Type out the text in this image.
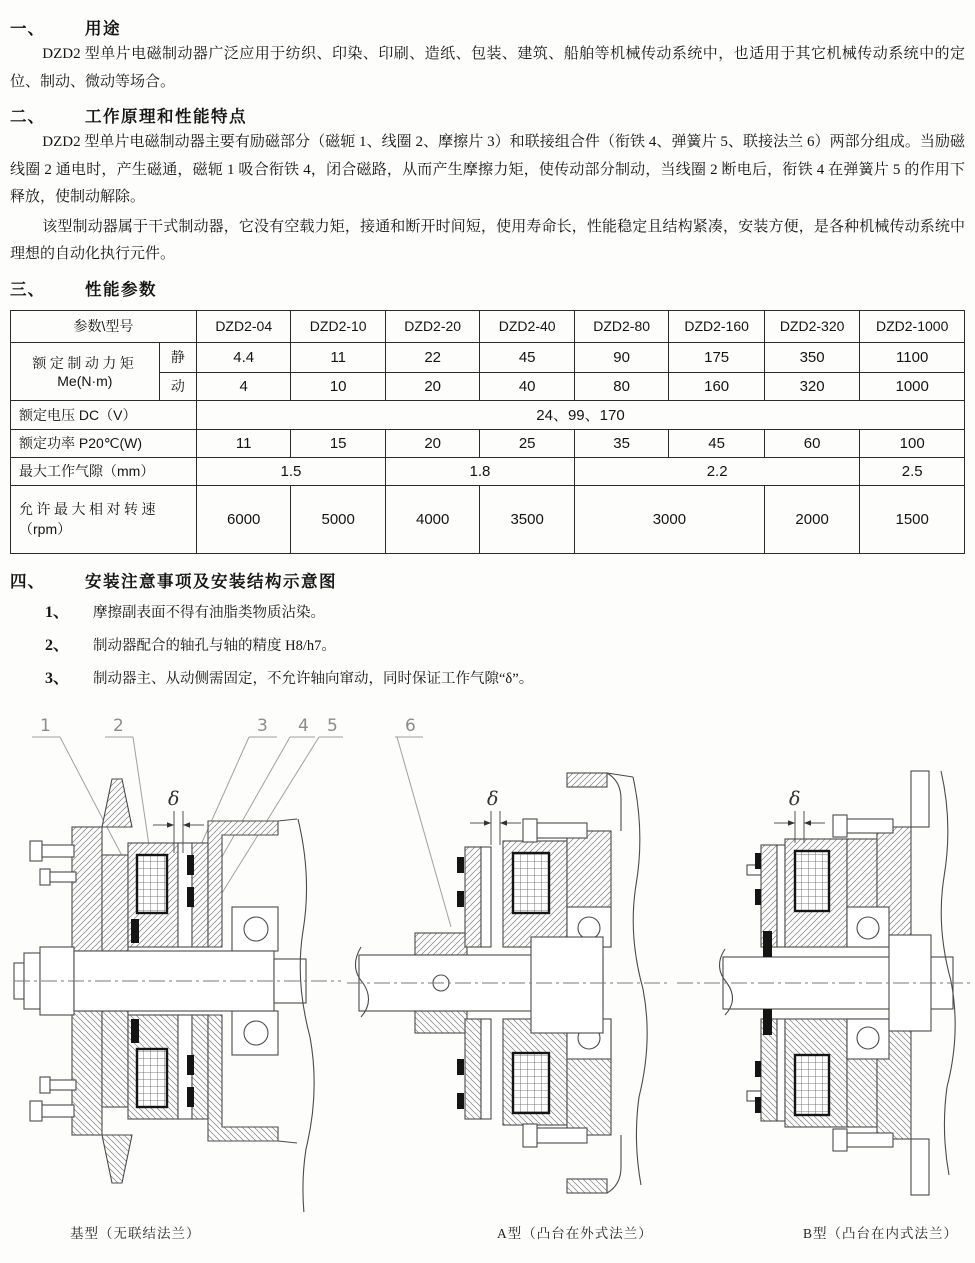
一、	用途

DZD2 型单片电磁制动器广泛应用于纺织、印染、印刷、造纸、包装、建筑、船舶等机械传动系统中，也适用于其它机械传动系统中的定位、制动、微动等场合。

二、	工作原理和性能特点

DZD2 型单片电磁制动器主要有励磁部分（磁轭 1、线圈 2、摩擦片 3）和联接组合件（衔铁 4、弹簧片 5、联接法兰 6）两部分组成。当励磁线圈 2 通电时，产生磁通，磁轭 1 吸合衔铁 4，闭合磁路，从而产生摩擦力矩，使传动部分制动，当线圈 2 断电后，衔铁 4 在弹簧片 5 的作用下释放，使制动解除。

该型制动器属于干式制动器，它没有空载力矩，接通和断开时间短，使用寿命长，性能稳定且结构紧凑，安装方便，是各种机械传动系统中理想的自动化执行元件。

三、	性能参数
参数\型号		DZD2-04	DZD2-10	DZD2-20	DZD2-40	DZD2-80	DZD2-160	DZD2-320	DZD2-1000

额定制动力矩
Me(N·m)	静	4.4	11	22	45	90	175	350	1100
	动	4	10	20	40	80	160	320	1000
额定电压 DC（V）		24、99、170							
额定功率 P20℃(W)		11	15	20	25	35	45	60	100
最大工作气隙（mm）		1.5		1.8		2.2			2.5

允许最大相对转速
（rpm）		6000	5000	4000	3500	3000		2000	1500
四、	安装注意事项及安装结构示意图
1、	摩擦副表面不得有油脂类物质沾染。
2、	制动器配合的轴孔与轴的精度 H8/h7。
3、	制动器主、从动侧需固定，不允许轴向窜动，同时保证工作气隙“δ”。
1	2	3 4 5
δ
基型（无联结法兰）
6
δ
A型（凸台在外式法兰）
δ
B型（凸台在内式法兰）
